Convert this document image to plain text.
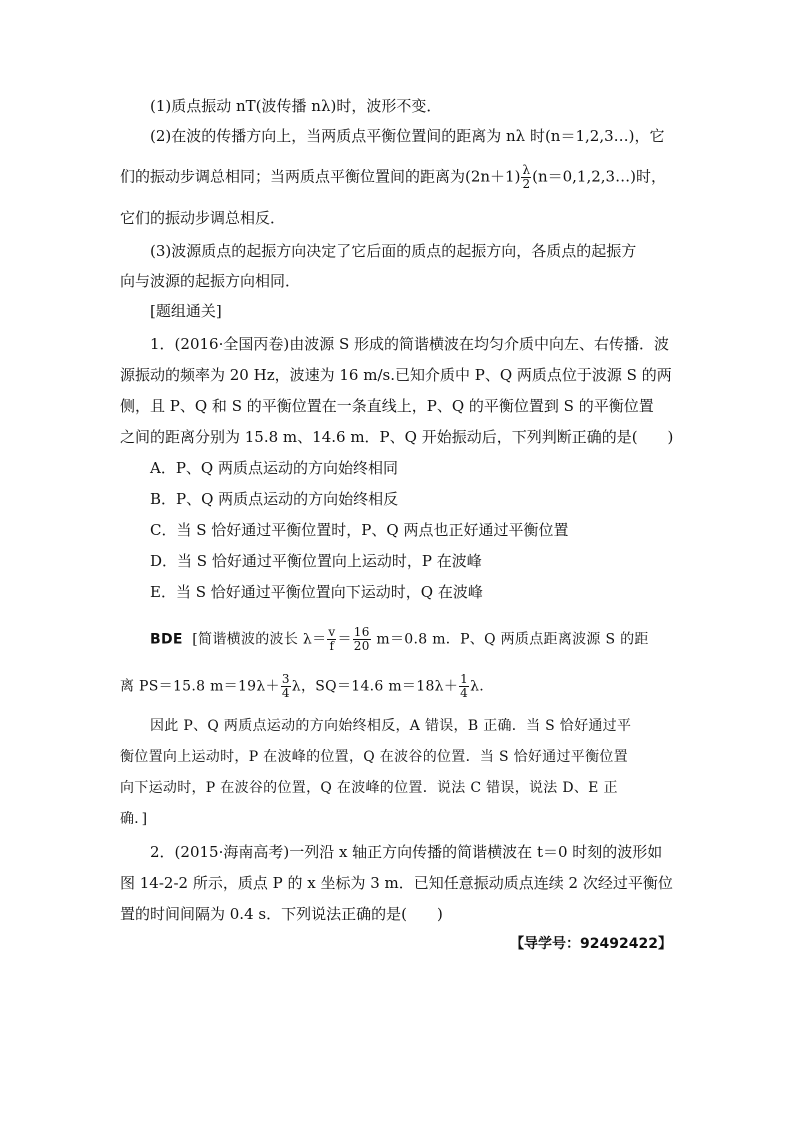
(1)质点振动 nT(波传播 nλ)时，波形不变．
(2)在波的传播方向上，当两质点平衡位置间的距离为 nλ 时(n＝1,2,3…)，它
们的振动步调总相同；当两质点平衡位置间的距离为$(2n+1) \frac{\lambda}{2}$ (n＝0,1,2,3…)时，
它们的振动步调总相反．
(3)波源质点的起振方向决定了它后面的质点的起振方向，各质点的起振方
向与波源的起振方向相同．
[题组通关]
1．(2016·全国丙卷)由波源 S 形成的简谐横波在均匀介质中向左、右传播．波
源振动的频率为 20 Hz，波速为 16 m/s.已知介质中 P、Q 两质点位于波源 S 的两
侧，且 P、Q 和 S 的平衡位置在一条直线上，P、Q 的平衡位置到 S 的平衡位置
之间的距离分别为 15.8 m、14.6 m．P、Q 开始振动后，下列判断正确的是(　　)
A．P、Q 两质点运动的方向始终相同
B．P、Q 两质点运动的方向始终相反
C．当 S 恰好通过平衡位置时，P、Q 两点也正好通过平衡位置
D．当 S 恰好通过平衡位置向上运动时，P 在波峰
E．当 S 恰好通过平衡位置向下运动时，Q 在波峰
BDE [简谐横波的波长 $\lambda= \frac{v}{f} = \frac{16}{20} m=0.8$ m．P、Q 两质点距离波源 S 的距
离 PS＝15.8 $m=19\lambda+ \frac{3}{4}$ λ，SQ＝14.6 $m=18\lambda+ \frac{1}{4} \lambda$.
因此 P、Q 两质点运动的方向始终相反，A 错误，B 正确．当 S 恰好通过平
衡位置向上运动时，P 在波峰的位置，Q 在波谷的位置．当 S 恰好通过平衡位置
向下运动时，P 在波谷的位置，Q 在波峰的位置．说法 C 错误，说法 D、E 正
确．]
2．(2015·海南高考)一列沿 x 轴正方向传播的简谐横波在 t＝0 时刻的波形如
图 14-2-2 所示，质点 P 的 x 坐标为 3 m．已知任意振动质点连续 2 次经过平衡位
置的时间间隔为 0.4 s．下列说法正确的是(　　)
【导学号：92492422】
